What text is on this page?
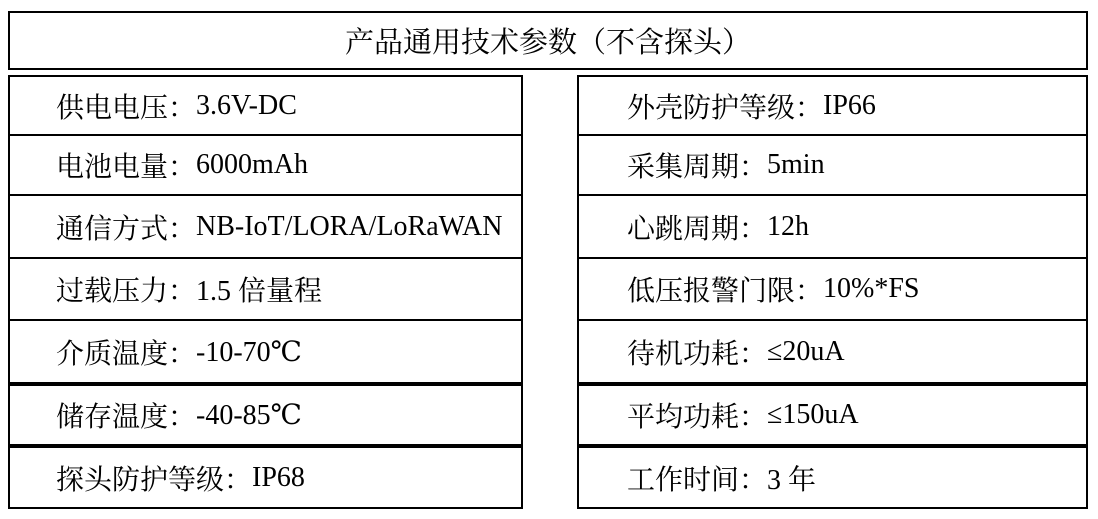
产品通用技术参数（不含探头）
供电电压： 3.6V-DC
电池电量： 6000mAh
通信方式： NB-IoT/LORA/LoRaWAN
过载压力： 1.5 倍量程
介质温度： -10-70℃
储存温度： -40-85℃
探头防护等级： IP68
外壳防护等级： IP66
采集周期： 5min
心跳周期： 12h
低压报警门限： 10%*FS
待机功耗： ≤20uA
平均功耗： ≤150uA
工作时间： 3 年
